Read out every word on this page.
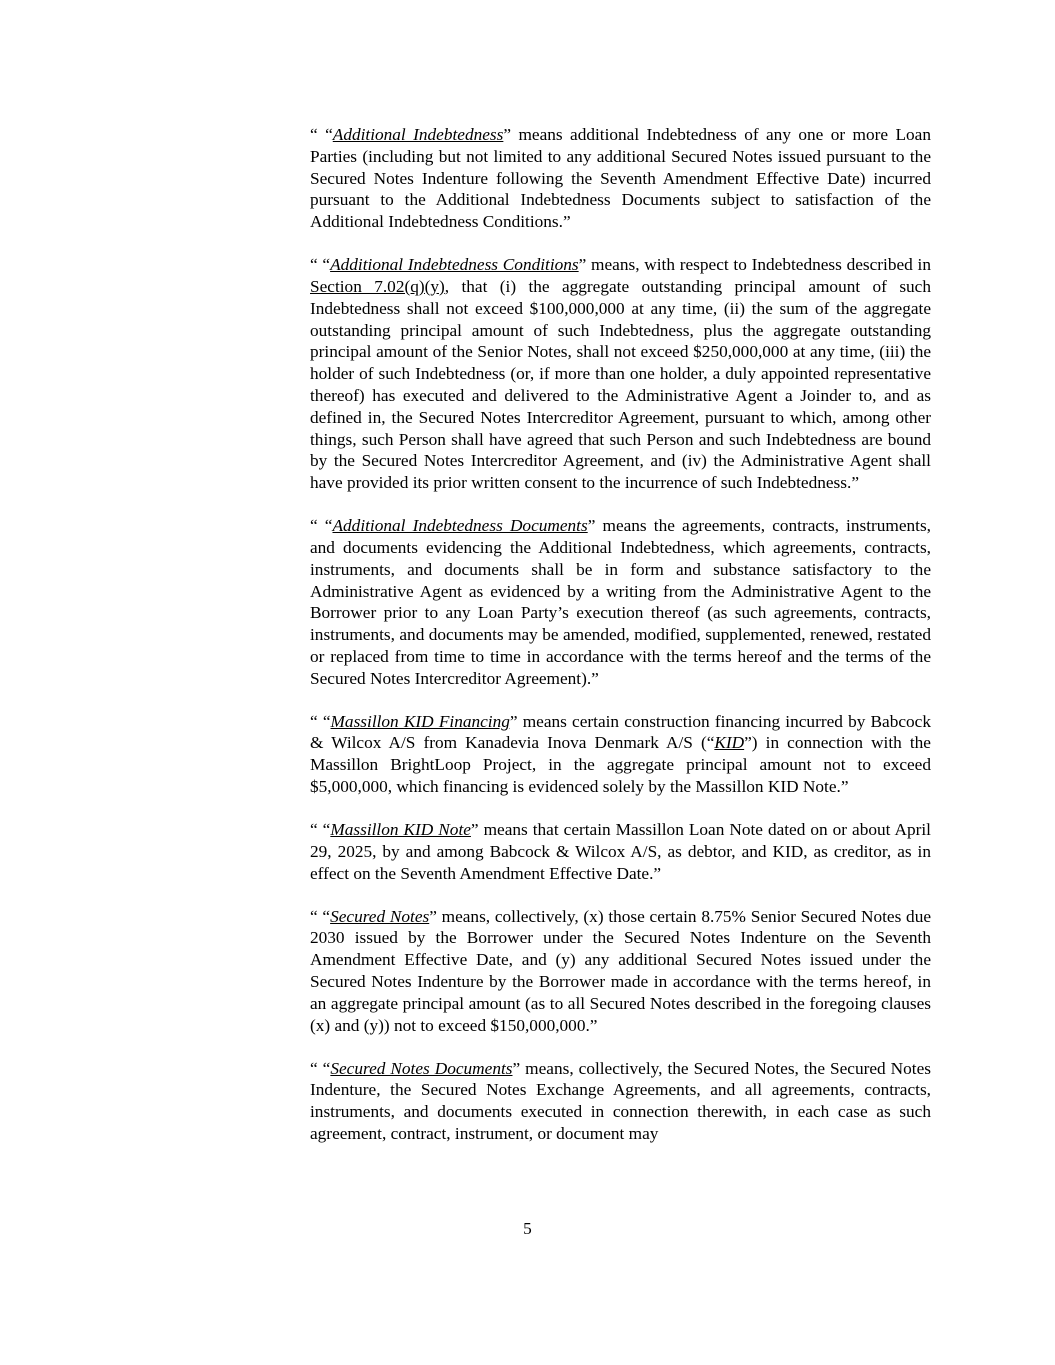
“ “Additional Indebtedness” means additional Indebtedness of any one or more Loan Parties (including but not limited to any additional Secured Notes issued pursuant to the Secured Notes Indenture following the Seventh Amendment Effective Date) incurred pursuant to the Additional Indebtedness Documents subject to satisfaction of the Additional Indebtedness Conditions.”

“ “Additional Indebtedness Conditions” means, with respect to Indebtedness described in Section 7.02(q)(y), that (i) the aggregate outstanding principal amount of such Indebtedness shall not exceed $100,000,000 at any time, (ii) the sum of the aggregate outstanding principal amount of such Indebtedness, plus the aggregate outstanding principal amount of the Senior Notes, shall not exceed $250,000,000 at any time, (iii) the holder of such Indebtedness (or, if more than one holder, a duly appointed representative thereof) has executed and delivered to the Administrative Agent a Joinder to, and as defined in, the Secured Notes Intercreditor Agreement, pursuant to which, among other things, such Person shall have agreed that such Person and such Indebtedness are bound by the Secured Notes Intercreditor Agreement, and (iv) the Administrative Agent shall have provided its prior written consent to the incurrence of such Indebtedness.”

“ “Additional Indebtedness Documents” means the agreements, contracts, instruments, and documents evidencing the Additional Indebtedness, which agreements, contracts, instruments, and documents shall be in form and substance satisfactory to the Administrative Agent as evidenced by a writing from the Administrative Agent to the Borrower prior to any Loan Party’s execution thereof (as such agreements, contracts, instruments, and documents may be amended, modified, supplemented, renewed, restated or replaced from time to time in accordance with the terms hereof and the terms of the Secured Notes Intercreditor Agreement).”

“ “Massillon KID Financing” means certain construction financing incurred by Babcock & Wilcox A/S from Kanadevia Inova Denmark A/S (“KID”) in connection with the Massillon BrightLoop Project, in the aggregate principal amount not to exceed $5,000,000, which financing is evidenced solely by the Massillon KID Note.”

“ “Massillon KID Note” means that certain Massillon Loan Note dated on or about April 29, 2025, by and among Babcock & Wilcox A/S, as debtor, and KID, as creditor, as in effect on the Seventh Amendment Effective Date.”

“ “Secured Notes” means, collectively, (x) those certain 8.75% Senior Secured Notes due 2030 issued by the Borrower under the Secured Notes Indenture on the Seventh Amendment Effective Date, and (y) any additional Secured Notes issued under the Secured Notes Indenture by the Borrower made in accordance with the terms hereof, in an aggregate principal amount (as to all Secured Notes described in the foregoing clauses (x) and (y)) not to exceed $150,000,000.”

“ “Secured Notes Documents” means, collectively, the Secured Notes, the Secured Notes Indenture, the Secured Notes Exchange Agreements, and all agreements, contracts, instruments, and documents executed in connection therewith, in each case as such agreement, contract, instrument, or document may

5
